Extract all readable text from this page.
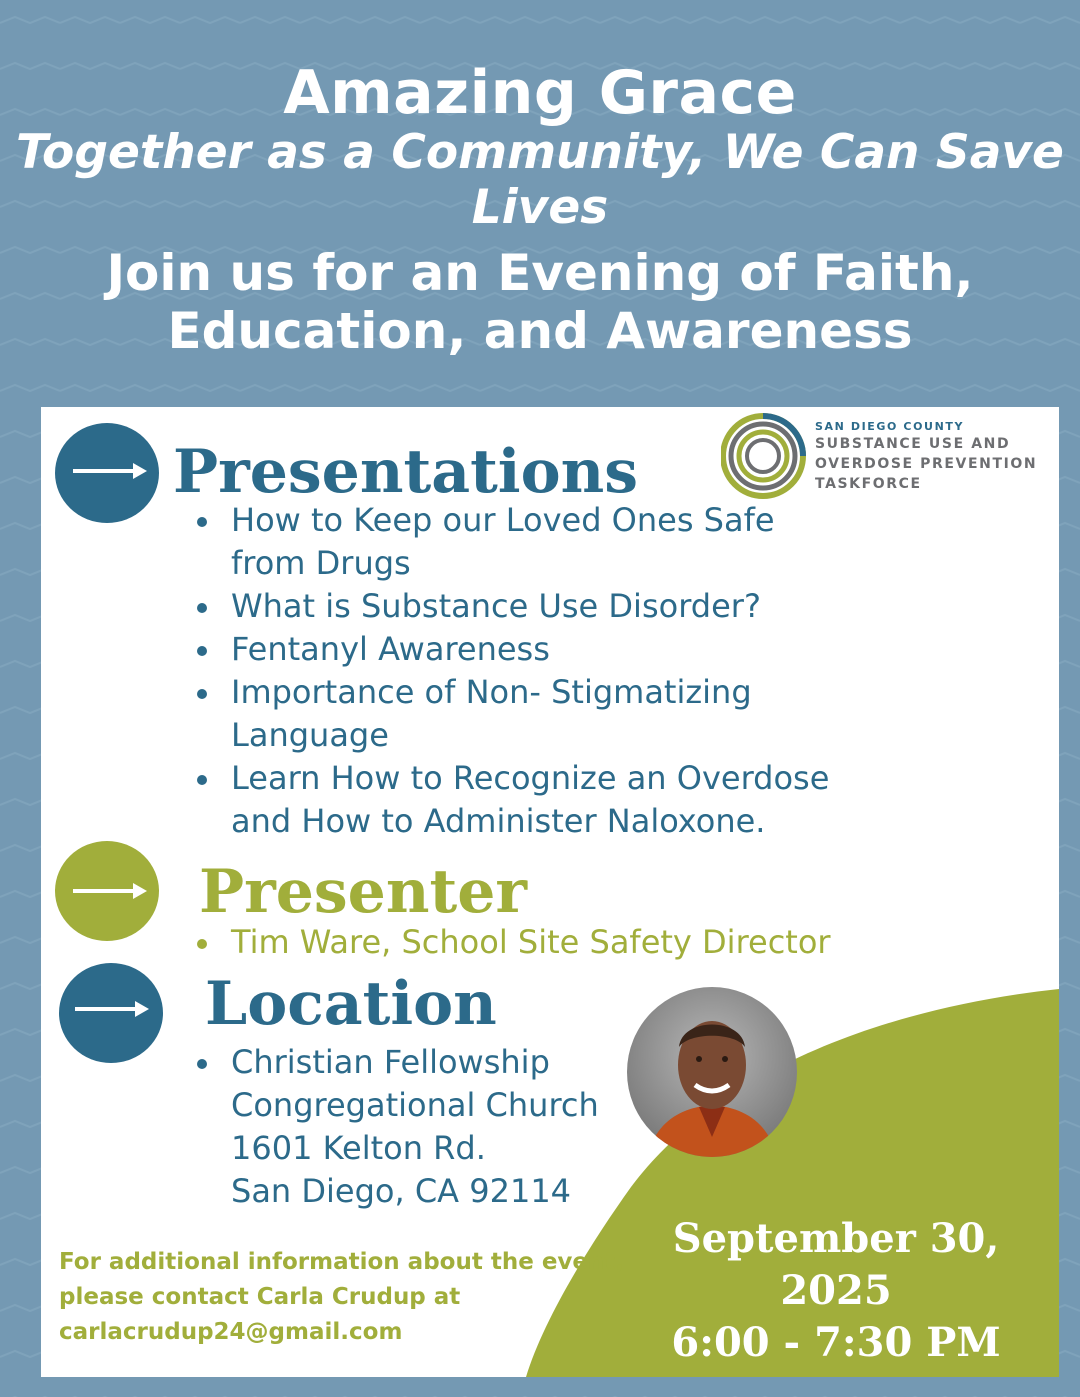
Amazing Grace
Together as a Community, We Can Save Lives
Join us for an Evening of Faith,
Education, and Awareness
SAN DIEGO COUNTY
SUBSTANCE USE AND
OVERDOSE PREVENTION
TASKFORCE
Presentations
How to Keep our Loved Ones Safe from Drugs
What is Substance Use Disorder?
Fentanyl Awareness
Importance of Non- Stigmatizing Language
Learn How to Recognize an Overdose and How to Administer Naloxone.
Presenter
Tim Ware, School Site Safety Director
Location
Christian Fellowship
Congregational Church
1601 Kelton Rd.
San Diego, CA 92114
For additional information about the event,
please contact Carla Crudup at
carlacrudup24@gmail.com
September 30, 2025
6:00 - 7:30 PM
